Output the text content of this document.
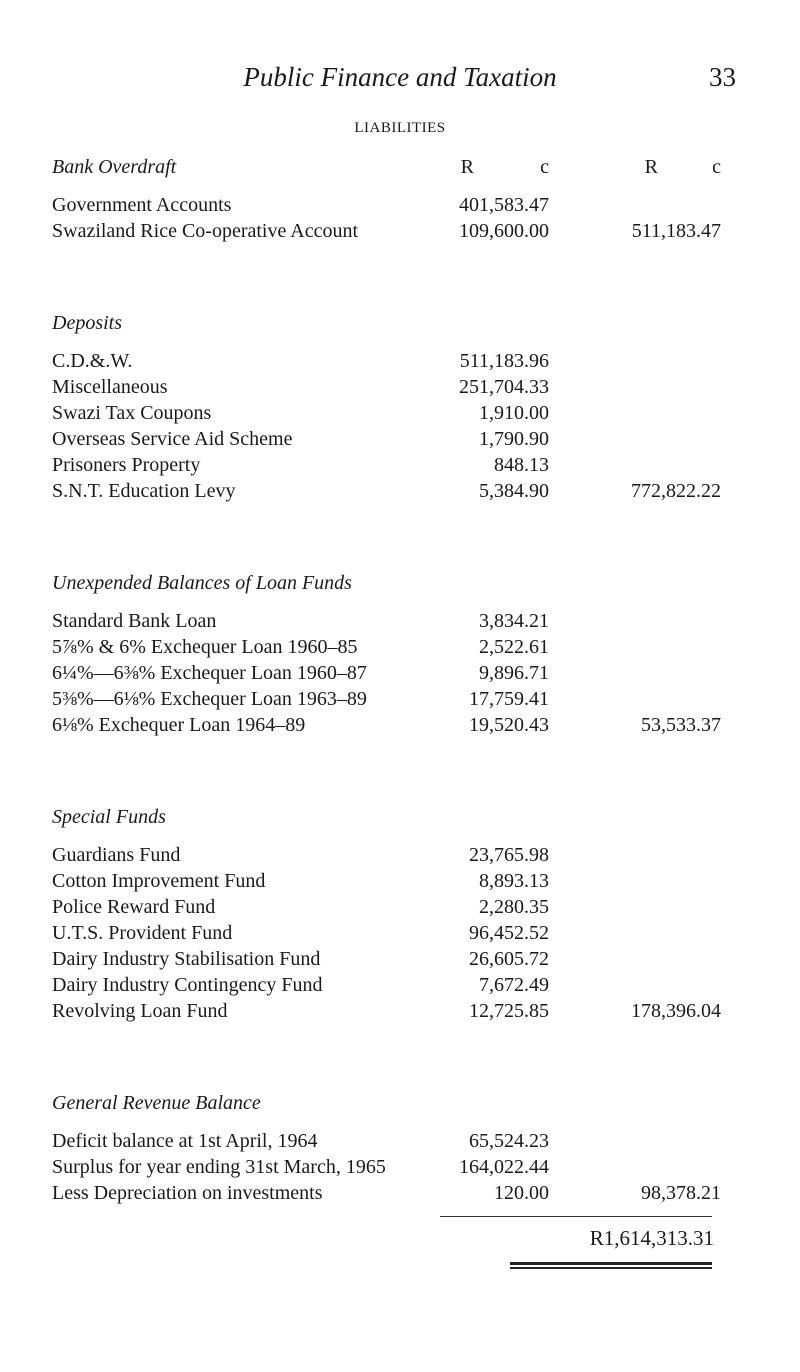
Public Finance and Taxation	33
LIABILITIES
Bank Overdraft	R	c	R	c
Government Accounts	401,583.47
Swaziland Rice Co-operative Account	109,600.00	511,183.47
Deposits
C.D.&.W.	511,183.96
Miscellaneous	251,704.33
Swazi Tax Coupons	1,910.00
Overseas Service Aid Scheme	1,790.90
Prisoners Property	848.13
S.N.T. Education Levy	5,384.90	772,822.22
Unexpended Balances of Loan Funds
Standard Bank Loan	3,834.21
5⅞% & 6% Exchequer Loan 1960–85	2,522.61
6¼%—6⅜% Exchequer Loan 1960–87	9,896.71
5⅜%—6⅛% Exchequer Loan 1963–89	17,759.41
6⅛% Exchequer Loan 1964–89	19,520.43	53,533.37
Special Funds
Guardians Fund	23,765.98
Cotton Improvement Fund	8,893.13
Police Reward Fund	2,280.35
U.T.S. Provident Fund	96,452.52
Dairy Industry Stabilisation Fund	26,605.72
Dairy Industry Contingency Fund	7,672.49
Revolving Loan Fund	12,725.85	178,396.04
General Revenue Balance
Deficit balance at 1st April, 1964	65,524.23
Surplus for year ending 31st March, 1965	164,022.44
Less Depreciation on investments	120.00	98,378.21
R1,614,313.31
